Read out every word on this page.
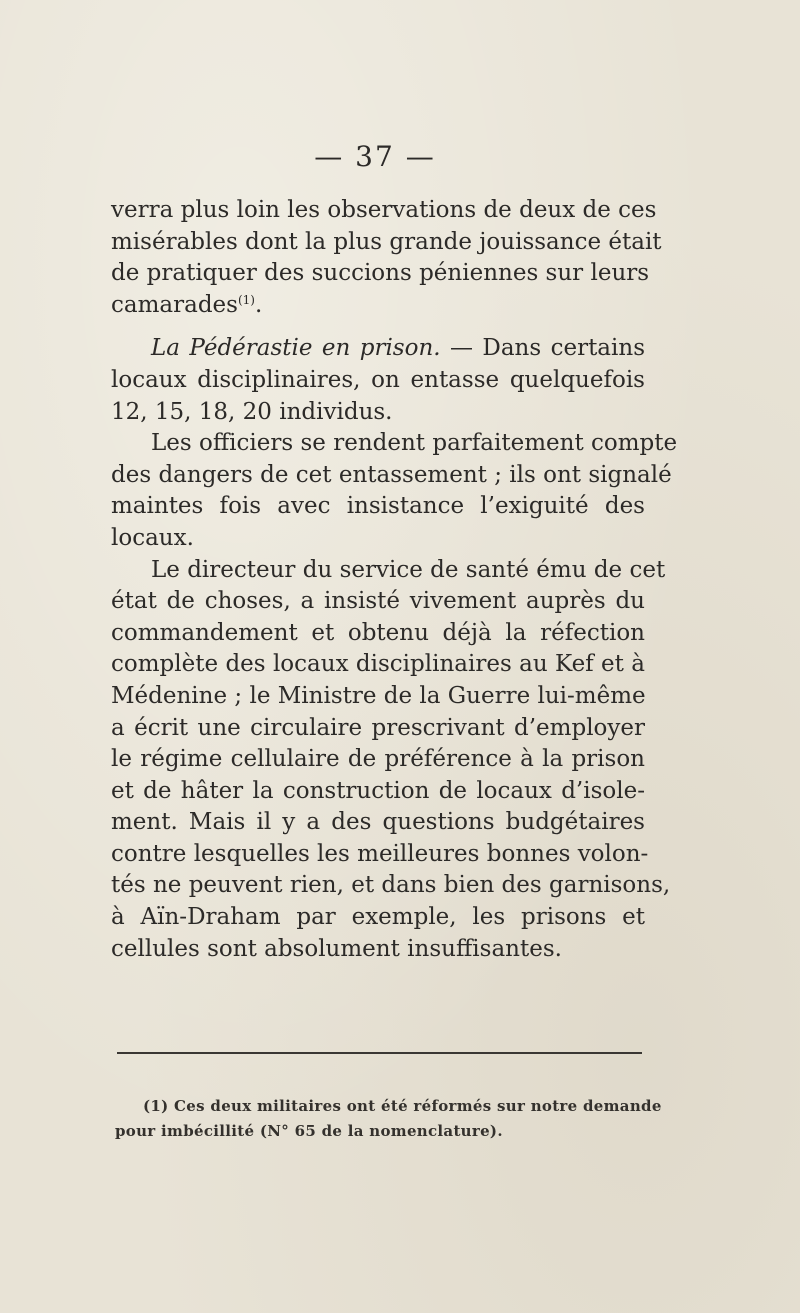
— 37 —
verra plus loin les observations de deux de ces
misérables dont la plus grande jouissance était
de pratiquer des succions péniennes sur leurs
camarades$^{(1)}$.
La Pédérastie en prison. — Dans certains
locaux disciplinaires, on entasse quelquefois
12, 15, 18, 20 individus.
Les officiers se rendent parfaitement compte
des dangers de cet entassement ; ils ont signalé
maintes fois avec insistance l’exiguité des
locaux.
Le directeur du service de santé ému de cet
état de choses, a insisté vivement auprès du
commandement et obtenu déjà la réfection
complète des locaux disciplinaires au Kef et à
Médenine ; le Ministre de la Guerre lui-même
a écrit une circulaire prescrivant d’employer
le régime cellulaire de préférence à la prison
et de hâter la construction de locaux d’isole-
ment. Mais il y a des questions budgétaires
contre lesquelles les meilleures bonnes volon-
tés ne peuvent rien, et dans bien des garnisons,
à Aïn-Draham par exemple, les prisons et
cellules sont absolument insuffisantes.
(1) Ces deux militaires ont été réformés sur notre demande
pour imbécillité (N° 65 de la nomenclature).
